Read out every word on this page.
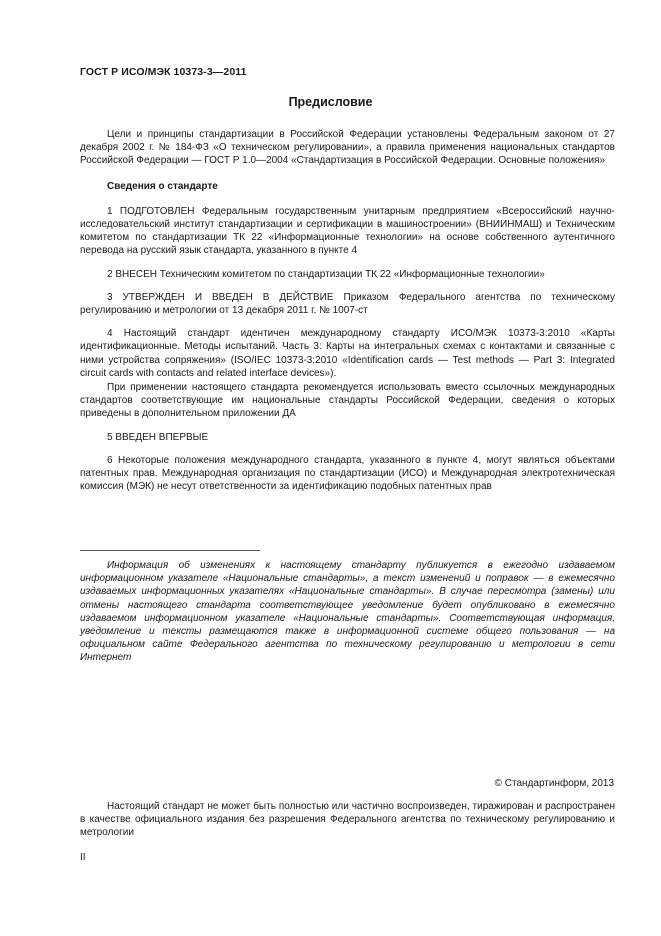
ГОСТ Р ИСО/МЭК 10373-3—2011
Предисловие

Цели и принципы стандартизации в Российской Федерации установлены Федеральным законом от 27 декабря 2002 г. № 184-ФЗ «О техническом регулировании», а правила применения национальных стандартов Российской Федерации — ГОСТ Р 1.0—2004 «Стандартизация в Российской Федерации. Основные положения»

Сведения о стандарте

1 ПОДГОТОВЛЕН Федеральным государственным унитарным предприятием «Всероссийский научно-исследовательский институт стандартизации и сертификации в машиностроении» (ВНИИНМАШ) и Техническим комитетом по стандартизации ТК 22 «Информационные технологии» на основе собственного аутентичного перевода на русский язык стандарта, указанного в пункте 4

2 ВНЕСЕН Техническим комитетом по стандартизации ТК 22 «Информационные технологии»

3 УТВЕРЖДЕН И ВВЕДЕН В ДЕЙСТВИЕ Приказом Федерального агентства по техническому регулированию и метрологии от 13 декабря 2011 г. № 1007-ст

4 Настоящий стандарт идентичен международному стандарту ИСО/МЭК 10373-3:2010 «Карты идентификационные. Методы испытаний. Часть 3: Карты на интегральных схемах с контактами и связанные с ними устройства сопряжения» (ISO/IEC 10373-3:2010 «Identification cards — Test methods — Part 3: Integrated circuit cards with contacts and related interface devices»).

При применении настоящего стандарта рекомендуется использовать вместо ссылочных международных стандартов соответствующие им национальные стандарты Российской Федерации, сведения о которых приведены в дополнительном приложении ДА

5 ВВЕДЕН ВПЕРВЫЕ

6 Некоторые положения международного стандарта, указанного в пункте 4, могут являться объектами патентных прав. Международная организация по стандартизации (ИСО) и Международная электротехническая комиссия (МЭК) не несут ответственности за идентификацию подобных патентных прав

Информация об изменениях к настоящему стандарту публикуется в ежегодно издаваемом информационном указателе «Национальные стандарты», а текст изменений и поправок — в ежемесячно издаваемых информационных указателях «Национальные стандарты». В случае пересмотра (замены) или отмены настоящего стандарта соответствующее уведомление будет опубликовано в ежемесячно издаваемом информационном указателе «Национальные стандарты». Соответствующая информация, уведомление и тексты размещаются также в информационной системе общего пользования — на официальном сайте Федерального агентства по техническому регулированию и метрологии в сети Интернет

© Стандартинформ, 2013

Настоящий стандарт не может быть полностью или частично воспроизведен, тиражирован и распространен в качестве официального издания без разрешения Федерального агентства по техническому регулированию и метрологии

II
